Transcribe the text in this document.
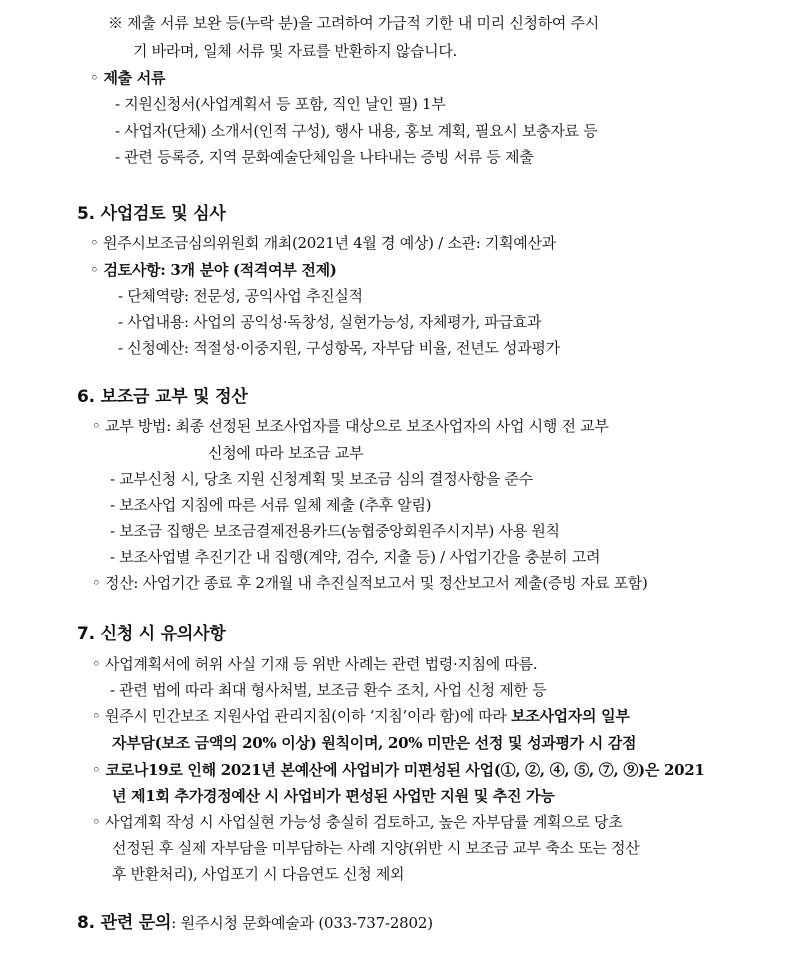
※ 제출 서류 보완 등(누락 분)을 고려하여 가급적 기한 내 미리 신청하여 주시
기 바라며, 일체 서류 및 자료를 반환하지 않습니다.
◦ 제출 서류
- 지원신청서(사업계획서 등 포함, 직인 날인 필) 1부
- 사업자(단체) 소개서(인적 구성), 행사 내용, 홍보 계획, 필요시 보충자료 등
- 관련 등록증, 지역 문화예술단체임을 나타내는 증빙 서류 등 제출
5. 사업검토 및 심사
◦ 원주시보조금심의위원회 개최(2021년 4월 경 예상) / 소관: 기획예산과
◦ 검토사항: 3개 분야 (적격여부 전제)
- 단체역량: 전문성, 공익사업 추진실적
- 사업내용: 사업의 공익성·독창성, 실현가능성, 자체평가, 파급효과
- 신청예산: 적절성·이중지원, 구성항목, 자부담 비율, 전년도 성과평가
6. 보조금 교부 및 정산
◦ 교부 방법: 최종 선정된 보조사업자를 대상으로 보조사업자의 사업 시행 전 교부
신청에 따라 보조금 교부
- 교부신청 시, 당초 지원 신청계획 및 보조금 심의 결정사항을 준수
- 보조사업 지침에 따른 서류 일체 제출 (추후 알림)
- 보조금 집행은 보조금결제전용카드(농협중앙회원주시지부) 사용 원칙
- 보조사업별 추진기간 내 집행(계약, 검수, 지출 등) / 사업기간을 충분히 고려
◦ 정산: 사업기간 종료 후 2개월 내 추진실적보고서 및 정산보고서 제출(증빙 자료 포함)
7. 신청 시 유의사항
◦ 사업계획서에 허위 사실 기재 등 위반 사례는 관련 법령·지침에 따름.
- 관련 법에 따라 최대 형사처벌, 보조금 환수 조치, 사업 신청 제한 등
◦ 원주시 민간보조 지원사업 관리지침(이하 ‘지침’이라 함)에 따라 보조사업자의 일부
자부담(보조 금액의 20% 이상) 원칙이며, 20% 미만은 선정 및 성과평가 시 감점
◦ 코로나19로 인해 2021년 본예산에 사업비가 미편성된 사업(①, ②, ④, ⑤, ⑦, ⑨)은 2021
년 제1회 추가경정예산 시 사업비가 편성된 사업만 지원 및 추진 가능
◦ 사업계획 작성 시 사업실현 가능성 충실히 검토하고, 높은 자부담률 계획으로 당초
선정된 후 실제 자부담을 미부담하는 사례 지양(위반 시 보조금 교부 축소 또는 정산
후 반환처리), 사업포기 시 다음연도 신청 제외
8. 관련 문의: 원주시청 문화예술과 (033-737-2802)
